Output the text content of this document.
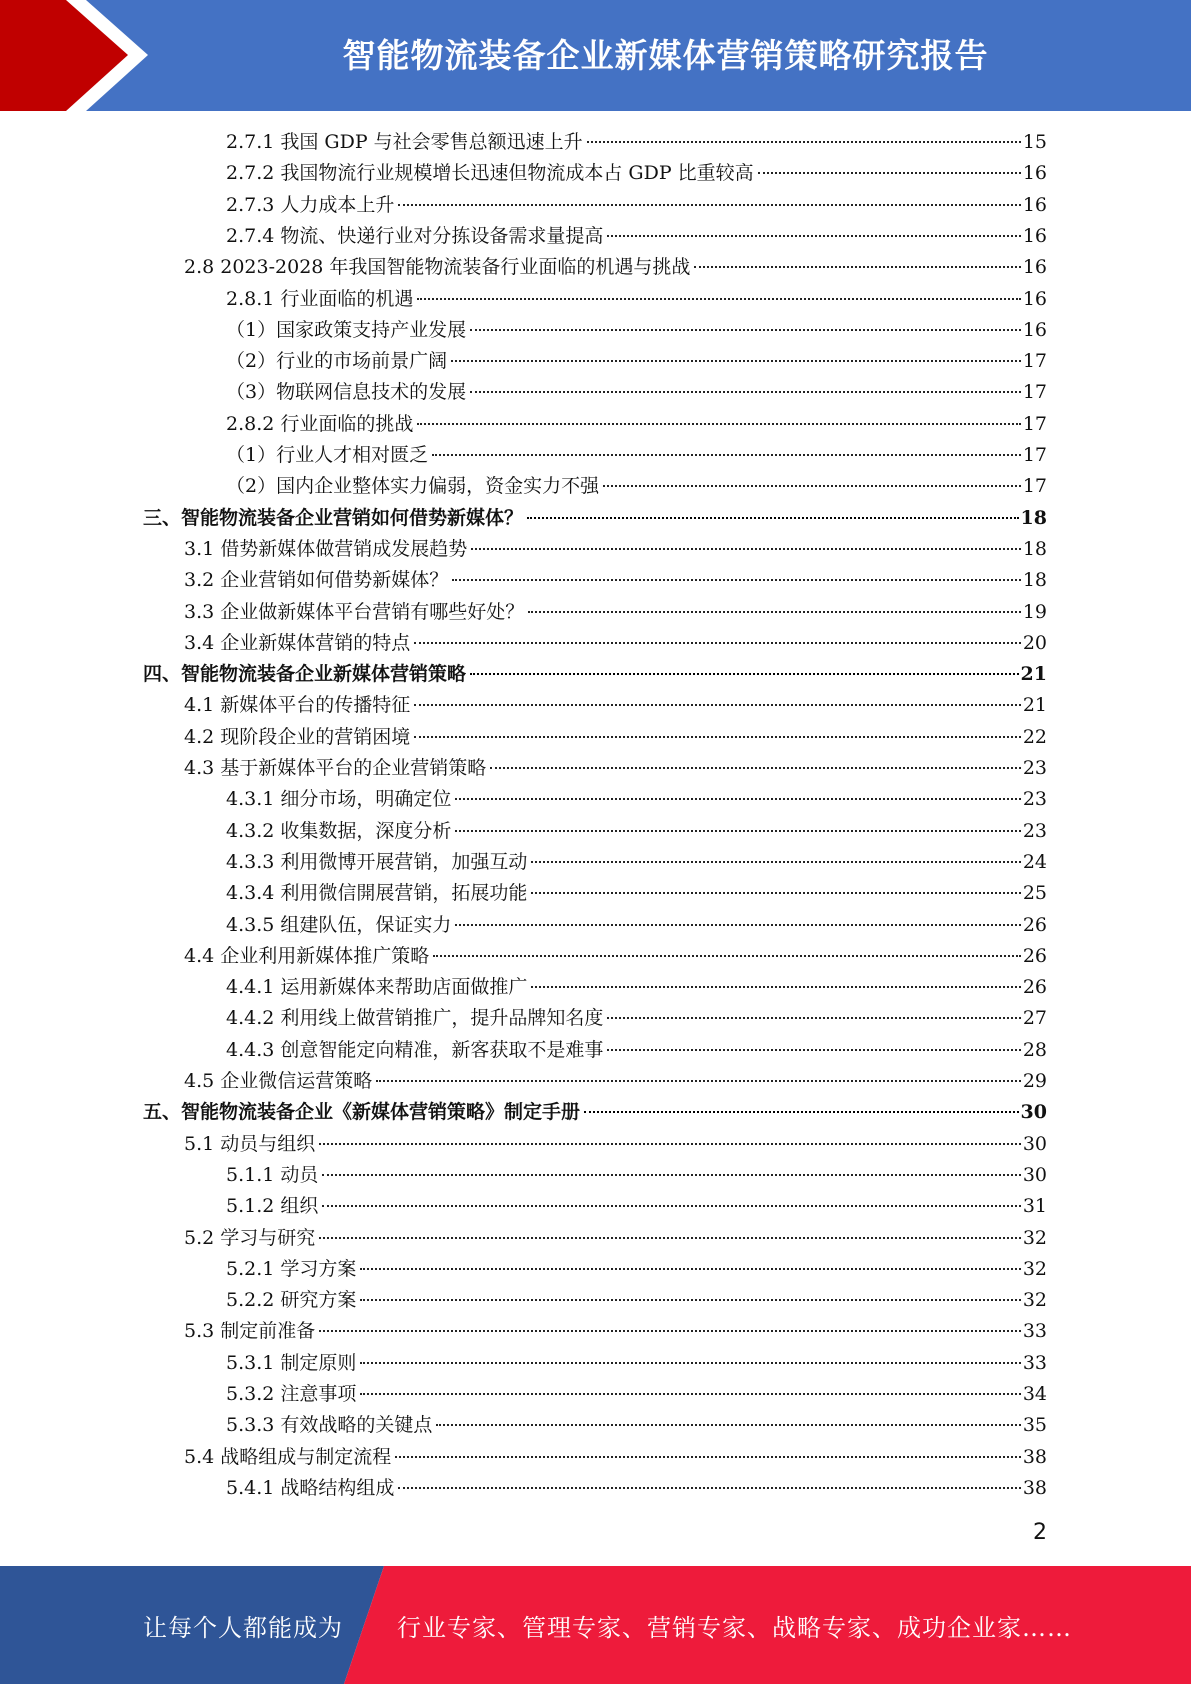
智能物流装备企业新媒体营销策略研究报告
2.7.1 我国 GDP 与社会零售总额迅速上升	15
2.7.2 我国物流行业规模增长迅速但物流成本占 GDP 比重较高	16
2.7.3 人力成本上升	16
2.7.4 物流、快递行业对分拣设备需求量提高	16
2.8 2023-2028 年我国智能物流装备行业面临的机遇与挑战	16
2.8.1 行业面临的机遇	16
（1）国家政策支持产业发展	16
（2）行业的市场前景广阔	17
（3）物联网信息技术的发展	17
2.8.2 行业面临的挑战	17
（1）行业人才相对匮乏	17
（2）国内企业整体实力偏弱，资金实力不强	17
三、智能物流装备企业营销如何借势新媒体？	18
3.1 借势新媒体做营销成发展趋势	18
3.2 企业营销如何借势新媒体？	18
3.3 企业做新媒体平台营销有哪些好处？	19
3.4 企业新媒体营销的特点	20
四、智能物流装备企业新媒体营销策略	21
4.1 新媒体平台的传播特征	21
4.2 现阶段企业的营销困境	22
4.3 基于新媒体平台的企业营销策略	23
4.3.1 细分市场，明确定位	23
4.3.2 收集数据，深度分析	23
4.3.3 利用微博开展营销，加强互动	24
4.3.4 利用微信開展营销，拓展功能	25
4.3.5 组建队伍，保证实力	26
4.4 企业利用新媒体推广策略	26
4.4.1 运用新媒体来帮助店面做推广	26
4.4.2 利用线上做营销推广，提升品牌知名度	27
4.4.3 创意智能定向精准，新客获取不是难事	28
4.5 企业微信运营策略	29
五、智能物流装备企业《新媒体营销策略》制定手册	30
5.1 动员与组织	30
5.1.1 动员	30
5.1.2 组织	31
5.2 学习与研究	32
5.2.1 学习方案	32
5.2.2 研究方案	32
5.3 制定前准备	33
5.3.1 制定原则	33
5.3.2 注意事项	34
5.3.3 有效战略的关键点	35
5.4 战略组成与制定流程	38
5.4.1 战略结构组成	38
2
让每个人都能成为 行业专家、管理专家、营销专家、战略专家、成功企业家……
